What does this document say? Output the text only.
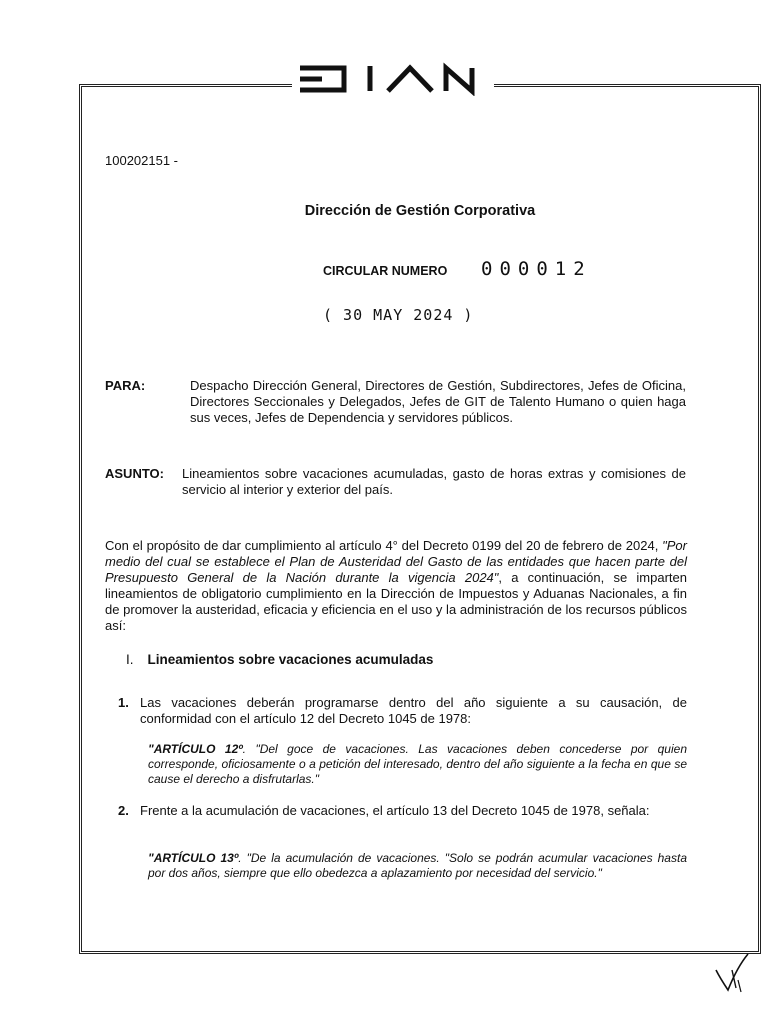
100202151 -
Dirección de Gestión Corporativa
CIRCULAR NUMERO 000012
( 30 MAY 2024 )
PARA:	Despacho Dirección General, Directores de Gestión, Subdirectores, Jefes de Oficina, Directores Seccionales y Delegados, Jefes de GIT de Talento Humano o quien haga sus veces, Jefes de Dependencia y servidores públicos.
ASUNTO: Lineamientos sobre vacaciones acumuladas, gasto de horas extras y comisiones de servicio al interior y exterior del país.
Con el propósito de dar cumplimiento al artículo 4° del Decreto 0199 del 20 de febrero de 2024, "Por medio del cual se establece el Plan de Austeridad del Gasto de las entidades que hacen parte del Presupuesto General de la Nación durante la vigencia 2024", a continuación, se imparten lineamientos de obligatorio cumplimiento en la Dirección de Impuestos y Aduanas Nacionales, a fin de promover la austeridad, eficacia y eficiencia en el uso y la administración de los recursos públicos así:
I. Lineamientos sobre vacaciones acumuladas
1. Las vacaciones deberán programarse dentro del año siguiente a su causación, de conformidad con el artículo 12 del Decreto 1045 de 1978:
"ARTÍCULO 12º. "Del goce de vacaciones. Las vacaciones deben concederse por quien corresponde, oficiosamente o a petición del interesado, dentro del año siguiente a la fecha en que se cause el derecho a disfrutarlas."
2. Frente a la acumulación de vacaciones, el artículo 13 del Decreto 1045 de 1978, señala:
"ARTÍCULO 13º. "De la acumulación de vacaciones. "Solo se podrán acumular vacaciones hasta por dos años, siempre que ello obedezca a aplazamiento por necesidad del servicio."
